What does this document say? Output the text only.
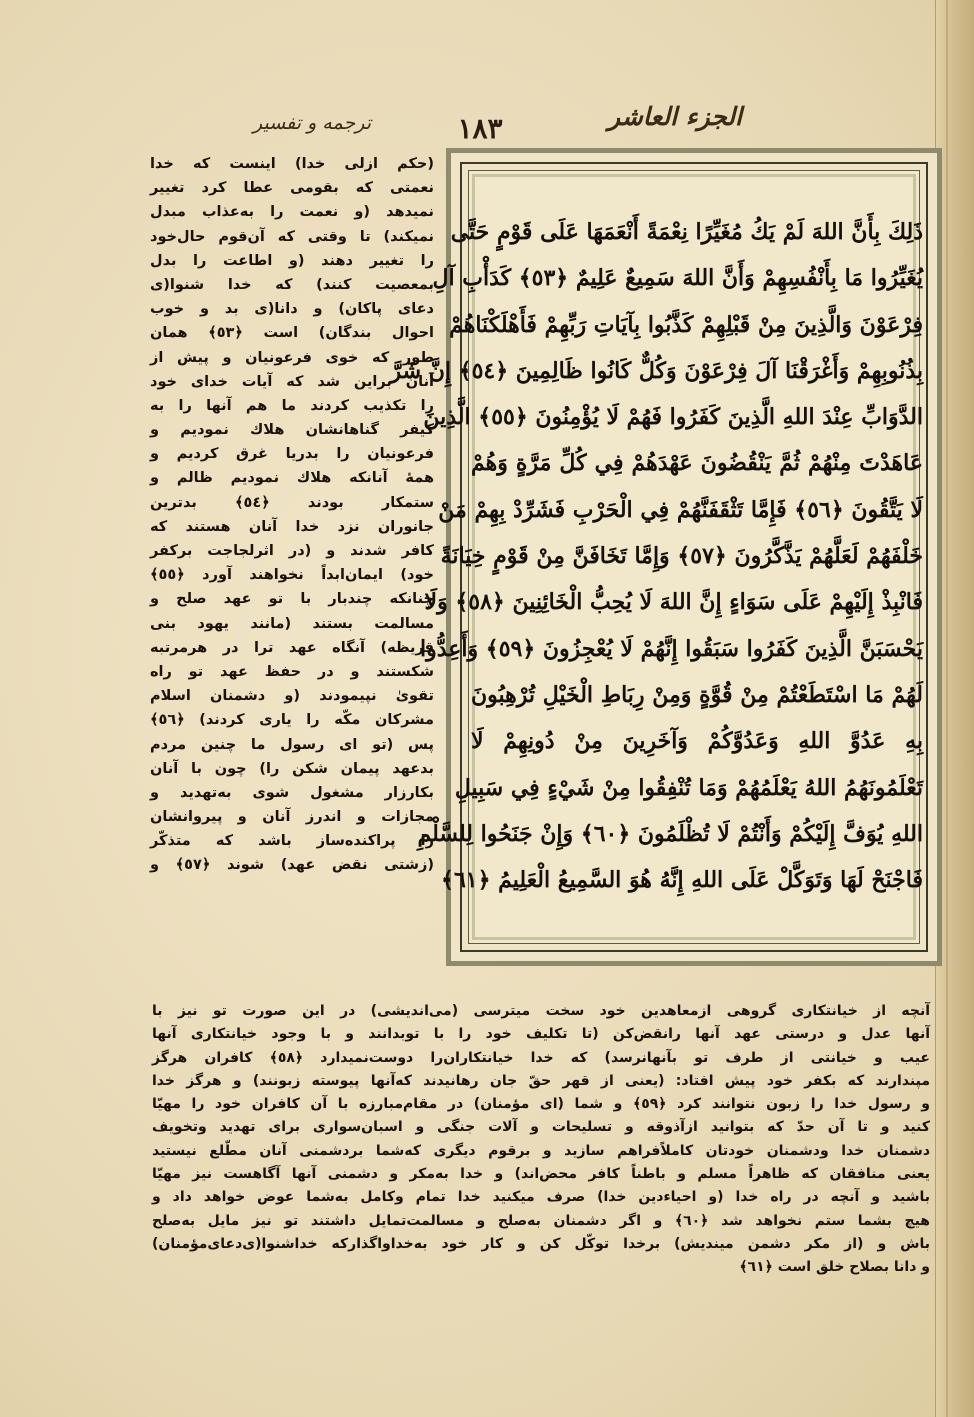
الجزء العاشر
١٨٣
ترجمه و تفسیر
ذَلِكَ بِأَنَّ اللهَ لَمْ يَكُ مُغَيِّرًا نِعْمَةً أَنْعَمَهَا عَلَى قَوْمٍ حَتَّى
يُغَيِّرُوا مَا بِأَنْفُسِهِمْ وَأَنَّ اللهَ سَمِيعٌ عَلِيمٌ ﴿٥٣﴾ كَدَأْبِ آلِ
فِرْعَوْنَ وَالَّذِينَ مِنْ قَبْلِهِمْ كَذَّبُوا بِآيَاتِ رَبِّهِمْ فَأَهْلَكْنَاهُمْ
بِذُنُوبِهِمْ وَأَغْرَقْنَا آلَ فِرْعَوْنَ وَكُلٌّ كَانُوا ظَالِمِينَ ﴿٥٤﴾ إِنَّ شَرَّ
الدَّوَابِّ عِنْدَ اللهِ الَّذِينَ كَفَرُوا فَهُمْ لَا يُؤْمِنُونَ ﴿٥٥﴾ الَّذِينَ
عَاهَدْتَ مِنْهُمْ ثُمَّ يَنْقُضُونَ عَهْدَهُمْ فِي كُلِّ مَرَّةٍ وَهُمْ
لَا يَتَّقُونَ ﴿٥٦﴾ فَإِمَّا تَثْقَفَنَّهُمْ فِي الْحَرْبِ فَشَرِّدْ بِهِمْ مَنْ
خَلْفَهُمْ لَعَلَّهُمْ يَذَّكَّرُونَ ﴿٥٧﴾ وَإِمَّا تَخَافَنَّ مِنْ قَوْمٍ خِيَانَةً
فَانْبِذْ إِلَيْهِمْ عَلَى سَوَاءٍ إِنَّ اللهَ لَا يُحِبُّ الْخَائِنِينَ ﴿٥٨﴾ وَلَا
يَحْسَبَنَّ الَّذِينَ كَفَرُوا سَبَقُوا إِنَّهُمْ لَا يُعْجِزُونَ ﴿٥٩﴾ وَأَعِدُّوا
لَهُمْ مَا اسْتَطَعْتُمْ مِنْ قُوَّةٍ وَمِنْ رِبَاطِ الْخَيْلِ تُرْهِبُونَ
بِهِ عَدُوَّ اللهِ وَعَدُوَّكُمْ وَآخَرِينَ مِنْ دُونِهِمْ لَا
تَعْلَمُونَهُمُ اللهُ يَعْلَمُهُمْ وَمَا تُنْفِقُوا مِنْ شَيْءٍ فِي سَبِيلِ
اللهِ يُوَفَّ إِلَيْكُمْ وَأَنْتُمْ لَا تُظْلَمُونَ ﴿٦٠﴾ وَإِنْ جَنَحُوا لِلسَّلْمِ
فَاجْنَحْ لَهَا وَتَوَكَّلْ عَلَى اللهِ إِنَّهُ هُوَ السَّمِيعُ الْعَلِيمُ ﴿٦١﴾
(حکم ازلی خدا) اینست که خدا
نعمتی که بقومی عطا کرد تغییر
نمیدهد (و نعمت را به‌عذاب مبدل
نمیکند) تا وقتی که آن‌قوم حال‌خود
را تغییر دهند (و اطاعت را بدل
بمعصیت کنند) که خدا شنوا(ی
دعای پاکان) و دانا(ی بد و خوب
احوال بندگان) است ﴿٥٣﴾ همان
طور که خوی فرعونیان و پیش از
آنان براین شد که آیات خدای خود
را تکذیب کردند ما هم آنها را به
کیفر گناهانشان هلاك نمودیم و
فرعونیان را بدریا غرق کردیم و
همهٔ آنانکه هلاك نمودیم ظالم و
ستمکار بودند ﴿٥٤﴾ بدترین
جانوران نزد خدا آنان هستند که
کافر شدند و (در اثرلجاجت برکفر
خود) ایمان‌ابداً نخواهند آورد ﴿٥٥﴾
چنانکه چندبار با تو عهد صلح و
مسالمت بستند (مانند یهود بنی
قریظه) آنگاه عهد ترا در هرمرتبه
شکستند و در حفظ عهد تو راه
تقویٰ نپیمودند (و دشمنان اسلام
مشرکان مکّه را یاری کردند) ﴿٥٦﴾
پس (تو ای رسول ما چنین مردم
بدعهد پیمان شکن را) چون با آنان
بکارزار مشغول شوی به‌تهدید و
مجازات و اندرز آنان و پیروانشان
را پراکنده‌ساز باشد که متذکّر
(زشتی نقض عهد) شوند ﴿٥٧﴾ و
آنچه از خیانتکاری گروهی ازمعاهدین خود سخت میترسی (می‌اندیشی) در این صورت تو نیز با
آنها عدل و درستی عهد آنها رانقض‌کن (تا تکلیف خود را با توبدانند و با وجود خیانتکاری آنها
عیب و خیانتی از طرف تو بآنهانرسد) که خدا خیانتکاران‌را دوست‌نمیدارد ﴿٥٨﴾ کافران هرگز
مپندارند که بکفر خود پیش افتاد: (یعنی از قهر حقّ جان رهانیدند که‌آنها پیوسته زبونند) و هرگز خدا
و رسول خدا را زبون نتوانند کرد ﴿٥٩﴾ و شما (ای مؤمنان) در مقام‌مبارزه با آن کافران خود را مهیّا
کنید و تا آن حدّ که بتوانید ازآذوقه و تسلیحات و آلات جنگی و اسبان‌سواری برای تهدید وتخویف
دشمنان خدا ودشمنان خودتان کاملاًفراهم سازید و برقوم دیگری که‌شما بردشمنی آنان مطّلع نیستید
یعنی منافقان که ظاهراً مسلم و باطناً کافر محض‌اند) و خدا به‌مکر و دشمنی آنها آگاهست نیز مهیّا
باشید و آنچه در راه خدا (و احیاء‌دین خدا) صرف میکنید خدا تمام وکامل به‌شما عوض خواهد داد و
هیچ بشما ستم نخواهد شد ﴿٦٠﴾ و اگر دشمنان به‌صلح و مسالمت‌تمایل داشتند تو نیز مایل به‌صلح
باش و (از مکر دشمن میندیش) برخدا توکّل کن و کار خود به‌خداواگذارکه خداشنوا(ی‌دعای‌مؤمنان)
و دانا بصلاح خلق است ﴿٦١﴾
